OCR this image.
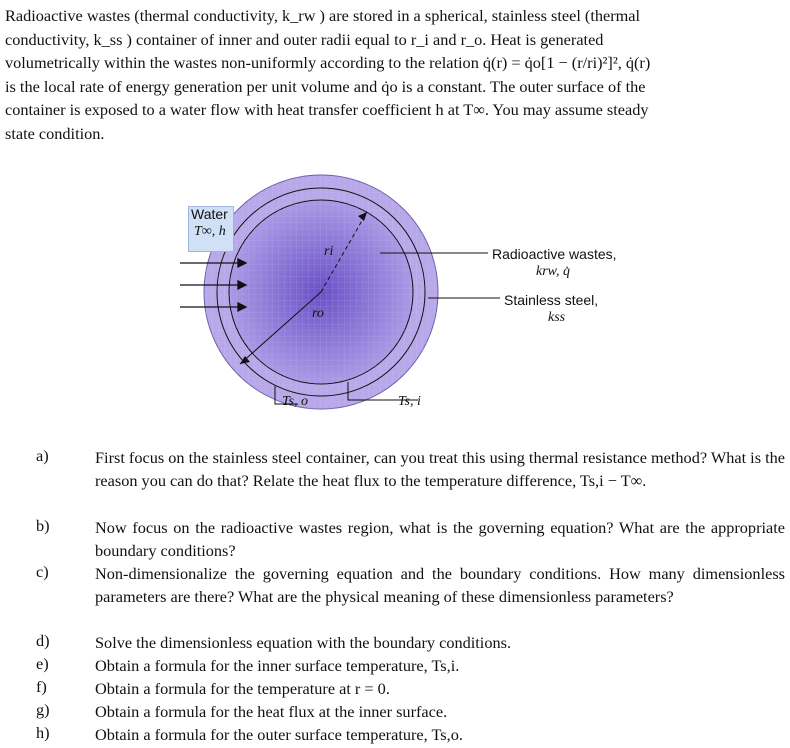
Radioactive wastes (thermal conductivity, k_rw ) are stored in a spherical, stainless steel (thermal
conductivity, k_ss ) container of inner and outer radii equal to r_i and r_o. Heat is generated
volumetrically within the wastes non-uniformly according to the relation q̇(r) = q̇o[1 − (r/ri)²]², q̇(r)
is the local rate of energy generation per unit volume and q̇o is a constant. The outer surface of the
container is exposed to a water flow with heat transfer coefficient h at T∞. You may assume steady
state condition.
Water
T∞, h
Radioactive wastes,
krw, q̇
Stainless steel,
kss
ri
ro
Ts, o	Ts, i
a)	First focus on the stainless steel container, can you treat this using thermal resistance method? What is the reason you can do that? Relate the heat flux to the temperature difference, Ts,i − T∞.
b)	Now focus on the radioactive wastes region, what is the governing equation? What are the appropriate boundary conditions?
c)	Non-dimensionalize the governing equation and the boundary conditions. How many dimensionless parameters are there? What are the physical meaning of these dimensionless parameters?
d)	Solve the dimensionless equation with the boundary conditions.
e)	Obtain a formula for the inner surface temperature, Ts,i.
f)	Obtain a formula for the temperature at r = 0.
g)	Obtain a formula for the heat flux at the inner surface.
h)	Obtain a formula for the outer surface temperature, Ts,o.
